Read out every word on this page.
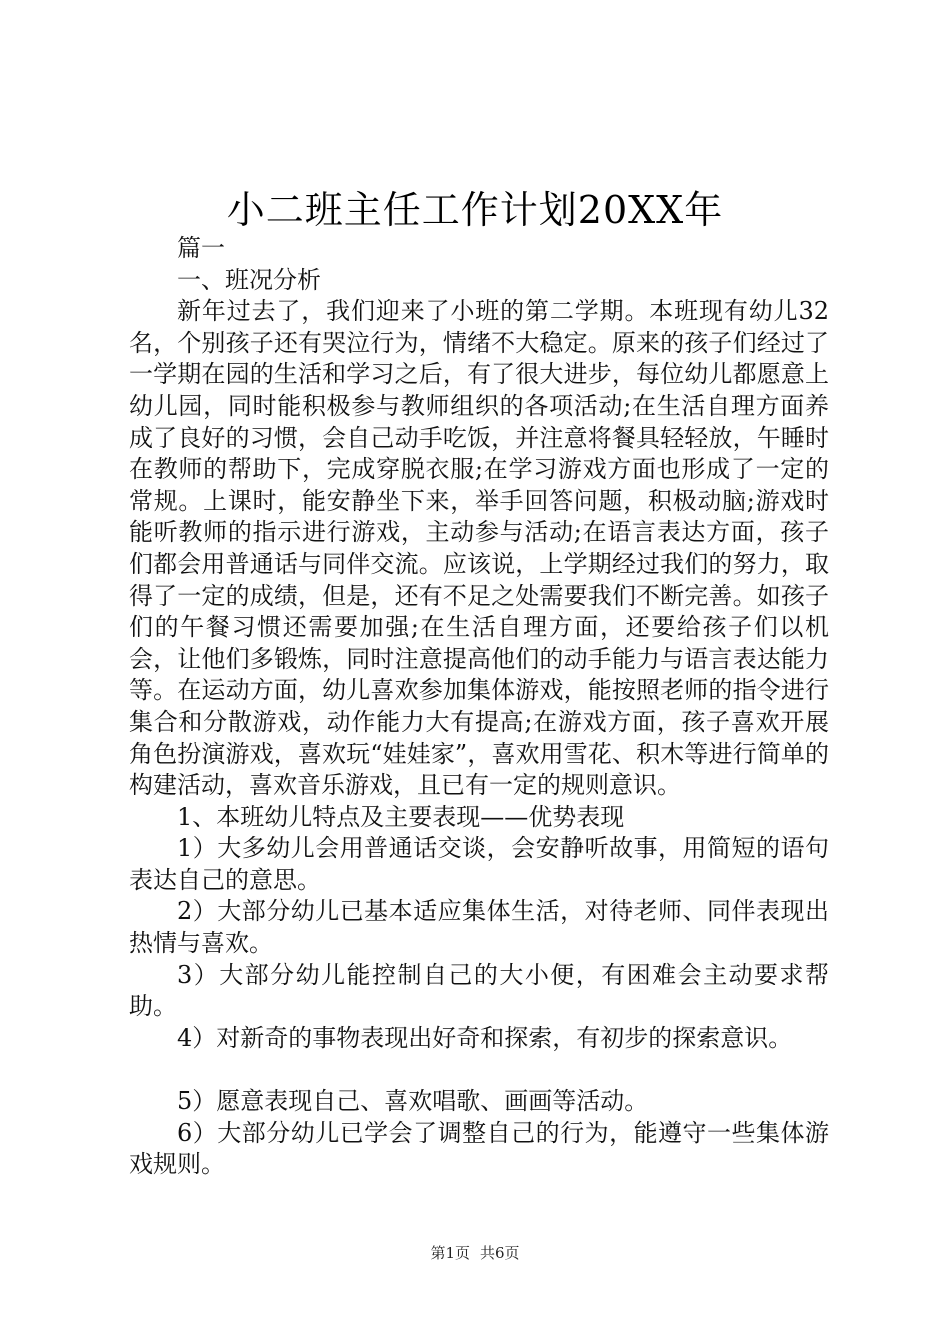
小二班主任工作计划20XX年

篇一

一、班况分析

新年过去了，我们迎来了小班的第二学期。本班现有幼儿32名，个别孩子还有哭泣行为，情绪不大稳定。原来的孩子们经过了一学期在园的生活和学习之后，有了很大进步，每位幼儿都愿意上幼儿园，同时能积极参与教师组织的各项活动;在生活自理方面养成了良好的习惯，会自己动手吃饭，并注意将餐具轻轻放，午睡时在教师的帮助下，完成穿脱衣服;在学习游戏方面也形成了一定的常规。上课时，能安静坐下来，举手回答问题，积极动脑;游戏时能听教师的指示进行游戏，主动参与活动;在语言表达方面，孩子们都会用普通话与同伴交流。应该说，上学期经过我们的努力，取得了一定的成绩，但是，还有不足之处需要我们不断完善。如孩子们的午餐习惯还需要加强;在生活自理方面，还要给孩子们以机会，让他们多锻炼，同时注意提高他们的动手能力与语言表达能力等。在运动方面，幼儿喜欢参加集体游戏，能按照老师的指令进行集合和分散游戏，动作能力大有提高;在游戏方面，孩子喜欢开展角色扮演游戏，喜欢玩“娃娃家”，喜欢用雪花、积木等进行简单的构建活动，喜欢音乐游戏，且已有一定的规则意识。

1、本班幼儿特点及主要表现——优势表现

1）大多幼儿会用普通话交谈，会安静听故事，用简短的语句表达自己的意思。

2）大部分幼儿已基本适应集体生活，对待老师、同伴表现出热情与喜欢。

3）大部分幼儿能控制自己的大小便，有困难会主动要求帮助。

4）对新奇的事物表现出好奇和探索，有初步的探索意识。

5）愿意表现自己、喜欢唱歌、画画等活动。

6）大部分幼儿已学会了调整自己的行为，能遵守一些集体游戏规则。

第1页 共6页
